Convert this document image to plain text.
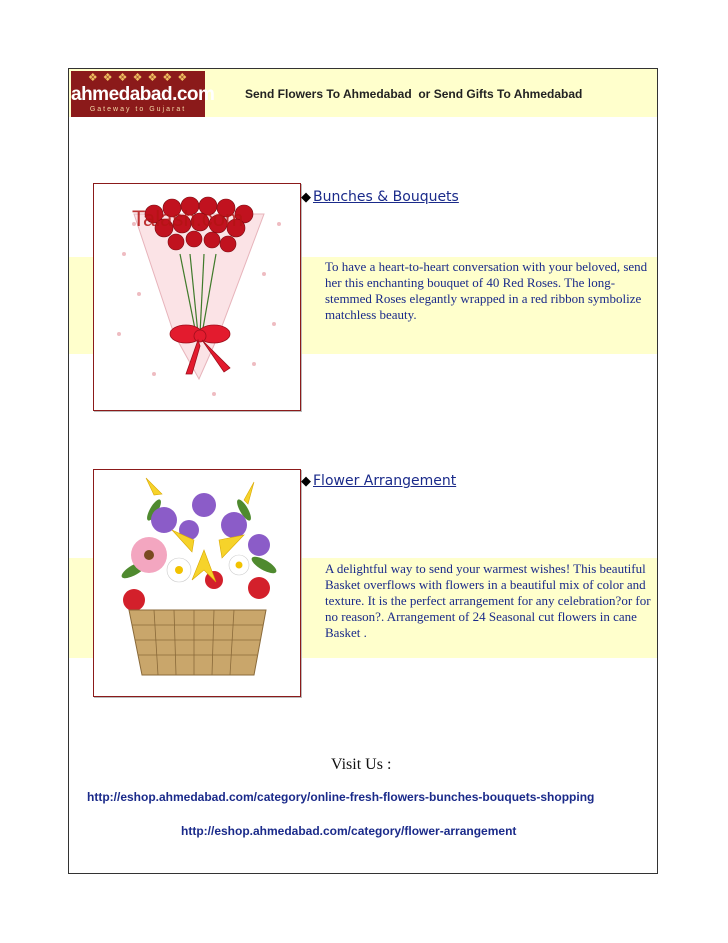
❖ ❖ ❖ ❖ ❖ ❖ ❖
ahmedabad.com
Gateway to Gujarat
Send Flowers To Ahmedabad  or Send Gifts To Ahmedabad
Talash.com
◆ Bunches & Bouquets
To have a heart-to-heart conversation with your beloved, send her this enchanting bouquet of 40 Red Roses. The long-stemmed Roses elegantly wrapped in a red ribbon symbolize matchless beauty.
◆ Flower Arrangement
A delightful way to send your warmest wishes! This beautiful Basket overflows with flowers in a beautiful mix of color and texture. It is the perfect arrangement for any celebration?or for no reason?. Arrangement of 24 Seasonal cut flowers in cane Basket .
Visit Us :
http://eshop.ahmedabad.com/category/online-fresh-flowers-bunches-bouquets-shopping
http://eshop.ahmedabad.com/category/flower-arrangement
